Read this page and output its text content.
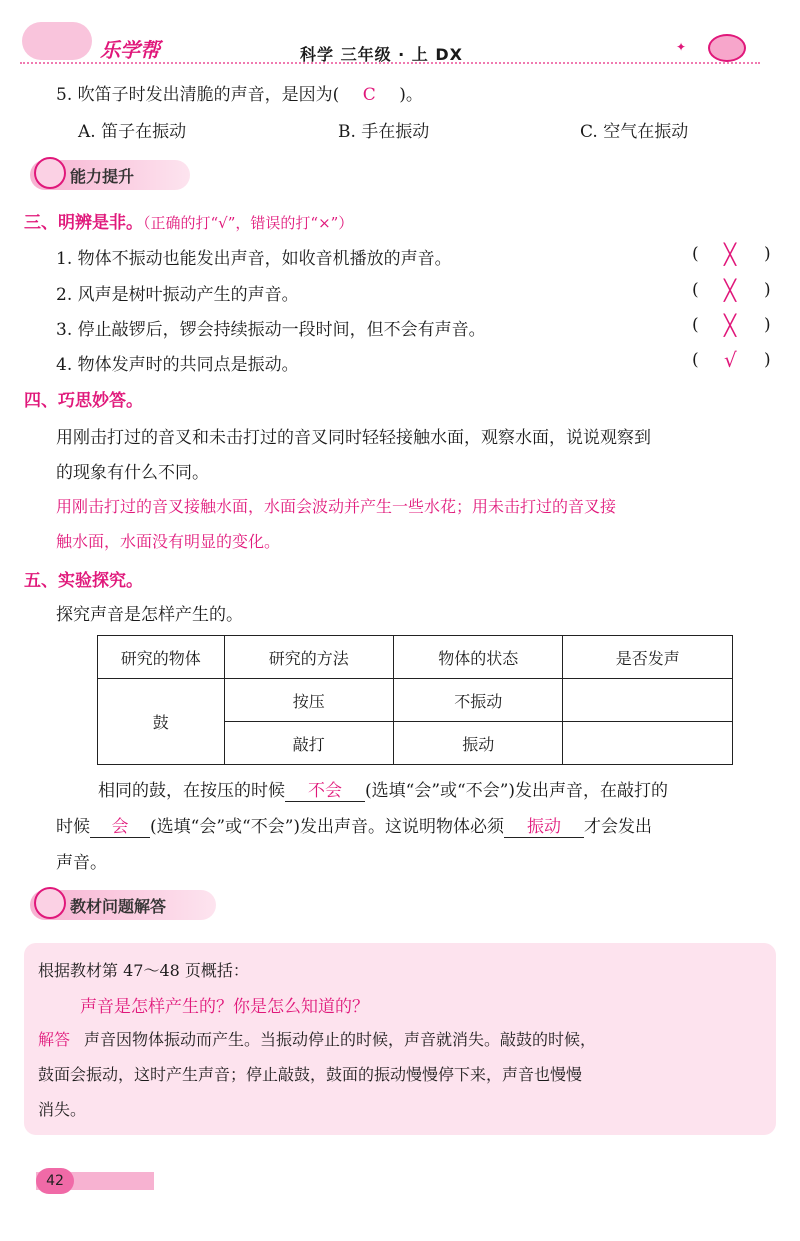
乐学帮	科学 三年级 · 上 DX	✦
5. 吹笛子时发出清脆的声音，是因为( C )。
A. 笛子在振动	B. 手在振动	C. 空气在振动
能力提升
三、明辨是非。（正确的打“√”，错误的打“×”）
1. 物体不振动也能发出声音，如收音机播放的声音。
2. 风声是树叶振动产生的声音。
3. 停止敲锣后，锣会持续振动一段时间，但不会有声音。
4. 物体发声时的共同点是振动。
( ╳ )
( ╳ )
( ╳ )
( √ )
四、巧思妙答。
用刚击打过的音叉和未击打过的音叉同时轻轻接触水面，观察水面，说说观察到
的现象有什么不同。
用刚击打过的音叉接触水面，水面会波动并产生一些水花；用未击打过的音叉接
触水面，水面没有明显的变化。
五、实验探究。
探究声音是怎样产生的。
研究的物体	研究的方法	物体的状态	是否发声
鼓	按压	不振动	
	敲打	振动	
相同的鼓，在按压的时候 不会 (选填“会”或“不会”)发出声音，在敲打的
时候 会 (选填“会”或“不会”)发出声音。这说明物体必须 振动 才会发出
声音。
教材问题解答
根据教材第 47～48 页概括：
声音是怎样产生的？你是怎么知道的？
解答 声音因物体振动而产生。当振动停止的时候，声音就消失。敲鼓的时候，
鼓面会振动，这时产生声音；停止敲鼓，鼓面的振动慢慢停下来，声音也慢慢
消失。
42
